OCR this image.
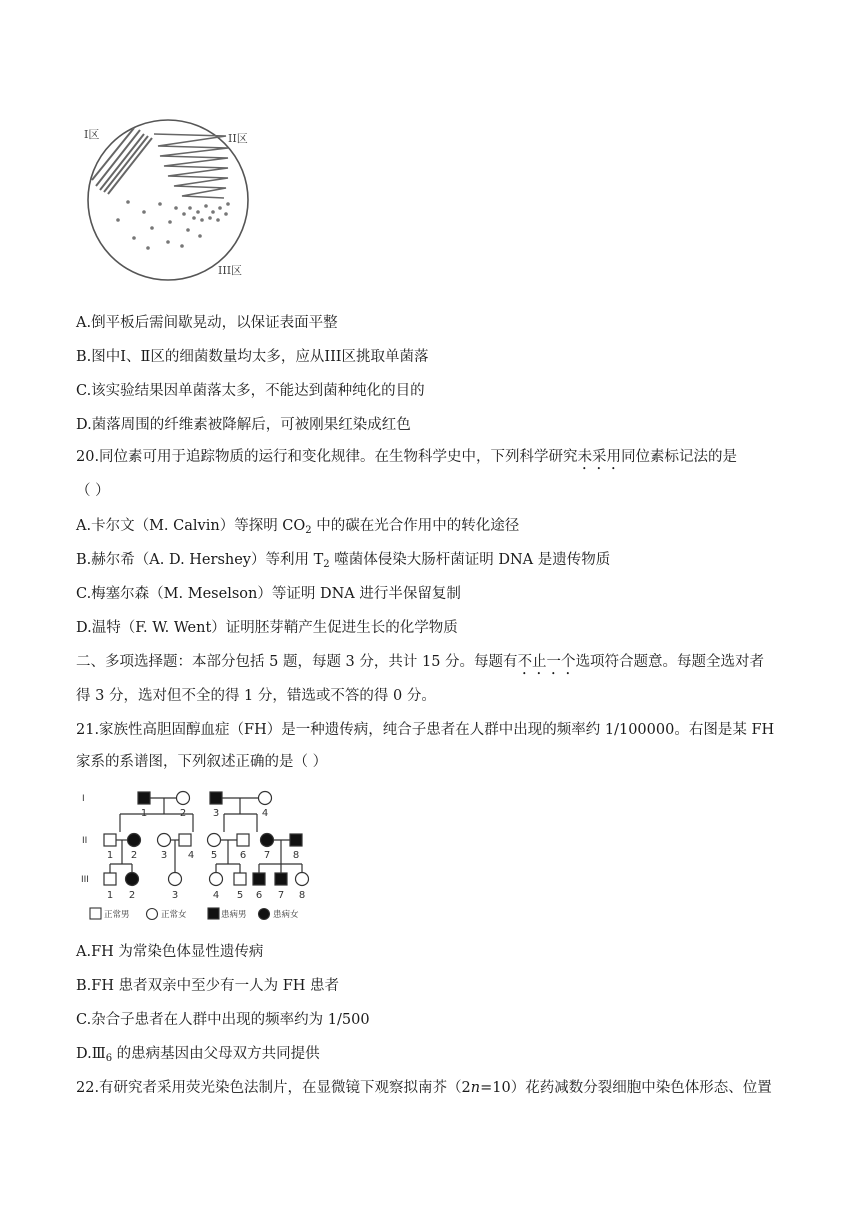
I区	II区
III区
A.倒平板后需间歇晃动，以保证表面平整
B.图中Ⅰ、Ⅱ区的细菌数量均太多，应从III区挑取单菌落
C.该实验结果因单菌落太多，不能达到菌种纯化的目的
D.菌落周围的纤维素被降解后，可被刚果红染成红色
20.同位素可用于追踪物质的运行和变化规律。在生物科学史中，下列科学研究未采用同位素标记法的是
（ ）
A.卡尔文（M. Calvin）等探明 $CO_2$ 中的碳在光合作用中的转化途径
B.赫尔希（A. D. Hershey）等利用 $T_2$ 噬菌体侵染大肠杆菌证明 DNA 是遗传物质
C.梅塞尔森（M. Meselson）等证明 DNA 进行半保留复制
D.温特（F. W. Went）证明胚芽鞘产生促进生长的化学物质
二、多项选择题：本部分包括 5 题，每题 3 分，共计 15 分。每题有不止一个选项符合题意。每题全选对者
得 3 分，选对但不全的得 1 分，错选或不答的得 0 分。
21.家族性高胆固醇血症（FH）是一种遗传病，纯合子患者在人群中出现的频率约 1/100000。右图是某 FH
家系的系谱图，下列叙述正确的是（ ）
I
II
III
1	2	3	4
1 2 3 4 5 6 7 8
1 2	3	4 5 6 7 8
正常男	正常女	患病男	患病女
A.FH 为常染色体显性遗传病
B.FH 患者双亲中至少有一人为 FH 患者
C.杂合子患者在人群中出现的频率约为 1/500
$D.Ⅲ_6$ 的患病基因由父母双方共同提供
22.有研究者采用荧光染色法制片，在显微镜下观察拟南芥（2n=10）花药减数分裂细胞中染色体形态、位置
